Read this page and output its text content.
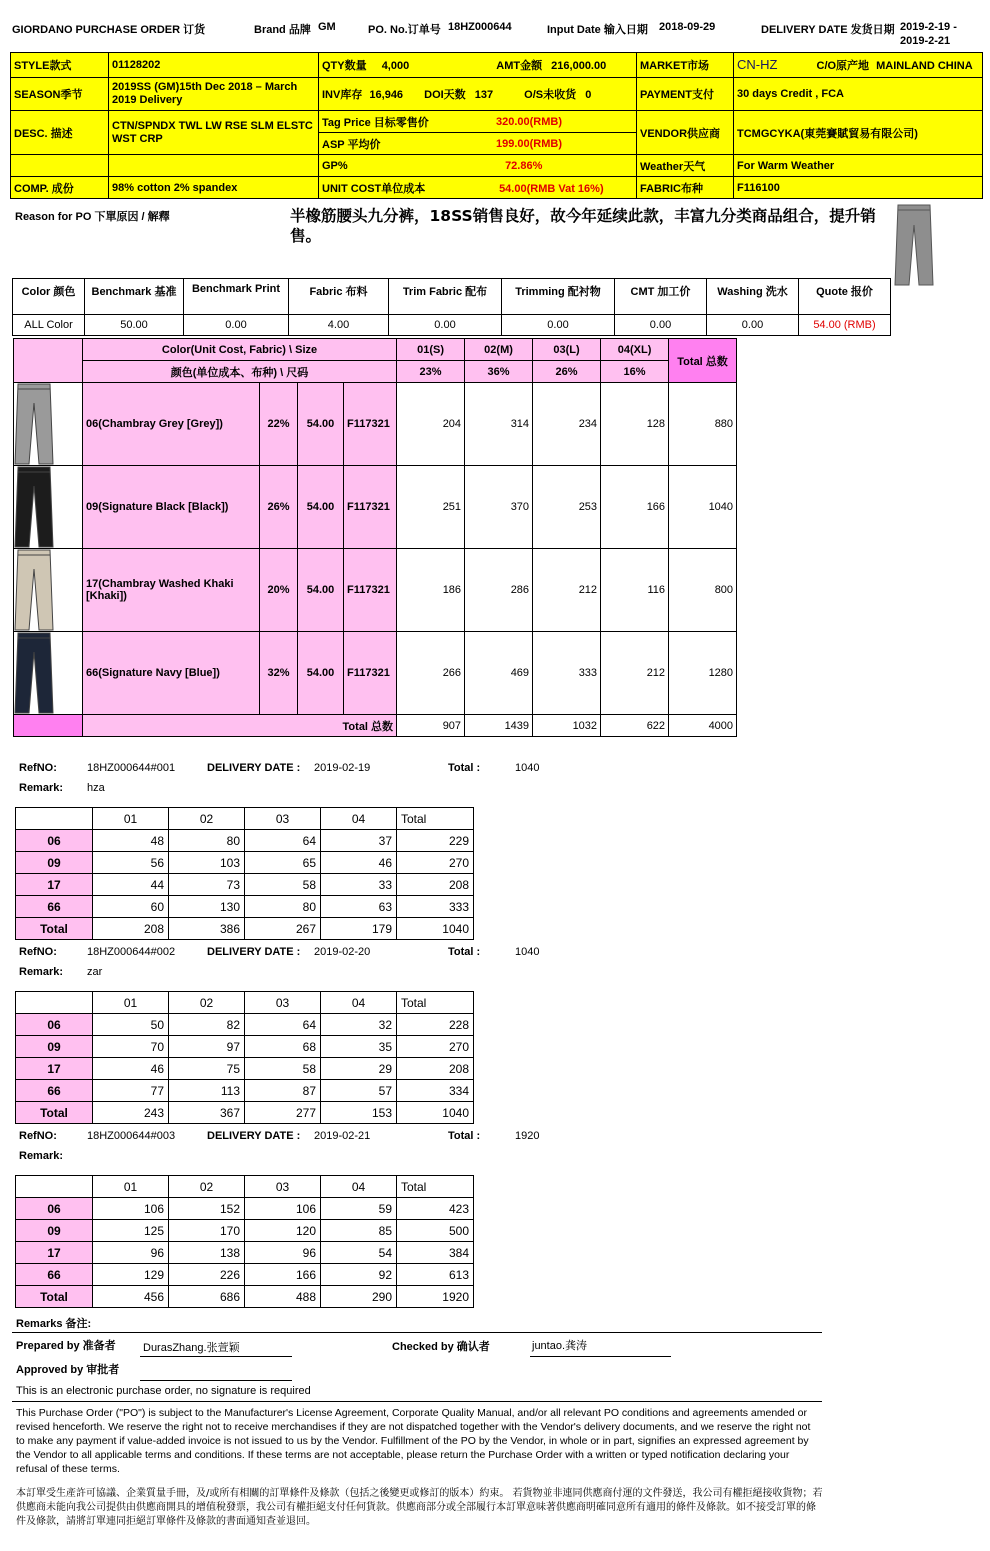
GIORDANO PURCHASE ORDER 订货	Brand 品牌 GM	PO. No.订单号 18HZ000644	Input Date 输入日期 2018-09-29	DELIVERY DATE 发货日期 2019-2-19 -
2019-2-21
STYLE款式	01128202	QTY数量 4,000 AMT金额 216,000.00	MARKET市场	CN-HZ C/O原产地 MAINLAND CHINA
SEASON季节	2019SS (GM)15th Dec 2018 – March 2019 Delivery	INV库存 16,946 DOI天数 137 O/S未收货 0	PAYMENT支付	30 days Credit , FCA
DESC. 描述	CTN/SPNDX TWL LW RSE SLM ELSTC WST CRP	Tag Price 目标零售价 320.00(RMB)
ASP 平均价 199.00(RMB)	VENDOR供应商	TCMGCYKA(東莞賽賦貿易有限公司)
		GP% 72.86%	Weather天气	For Warm Weather
COMP. 成份	98% cotton 2% spandex	UNIT COST单位成本 54.00(RMB Vat 16%)	FABRIC布种	F116100
Reason for PO 下單原因 / 解釋	半橡筋腰头九分裤，18SS销售良好，故今年延续此款，丰富九分类商品组合，提升销售。
Color 颜色	Benchmark 基准	Benchmark Print	Fabric 布料	Trim Fabric 配布	Trimming 配衬物	CMT 加工价	Washing 洗水	Quote 报价
ALL Color	50.00	0.00	4.00	0.00	0.00	0.00	0.00	54.00 (RMB)
	Color(Unit Cost, Fabric) \ Size				01(S)	02(M)	03(L)	04(XL)	Total 总数
	颜色(单位成本、布种) \ 尺码				23%	36%	26%	16%	

	06(Chambray Grey [Grey])	22%	54.00	F117321	204	314	234	128	880

	09(Signature Black [Black])	26%	54.00	F117321	251	370	253	166	1040

	17(Chambray Washed Khaki [Khaki])	20%	54.00	F117321	186	286	212	116	800

	66(Signature Navy [Blue])	32%	54.00	F117321	266	469	333	212	1280
	Total 总数				907	1439	1032	622	4000
RefNO:	18HZ000644#001	DELIVERY DATE : 2019-02-19	Total :	1040
Remark: hza
	01	02	03	04	Total
06	48	80	64	37	229
09	56	103	65	46	270
17	44	73	58	33	208
66	60	130	80	63	333
Total	208	386	267	179	1040
RefNO:	18HZ000644#002	DELIVERY DATE : 2019-02-20	Total :	1040
Remark: zar
	01	02	03	04	Total
06	50	82	64	32	228
09	70	97	68	35	270
17	46	75	58	29	208
66	77	113	87	57	334
Total	243	367	277	153	1040
RefNO:	18HZ000644#003	DELIVERY DATE : 2019-02-21	Total :	1920
Remark:
	01	02	03	04	Total
06	106	152	106	59	423
09	125	170	120	85	500
17	96	138	96	54	384
66	129	226	166	92	613
Total	456	686	488	290	1920
Remarks 备注:
Prepared by 准备者 DurasZhang.张萱颖	Checked by 确认者	juntao.龚涛
Approved by 审批者
This is an electronic purchase order, no signature is required
This Purchase Order ("PO") is subject to the Manufacturer's License Agreement, Corporate Quality Manual, and/or all relevant PO conditions and agreements amended or revised henceforth. We reserve the right not to receive merchandises if they are not dispatched together with the Vendor's delivery documents, and we reserve the right not to make any payment if value-added invoice is not issued to us by the Vendor. Fulfillment of the PO by the Vendor, in whole or in part, signifies an expressed agreement by the Vendor to all applicable terms and conditions. If these terms are not acceptable, please return the Purchase Order with a written or typed notification declaring your refusal of these terms.
本訂單受生產許可協議、企業質量手冊，及/或所有相關的訂單條件及條款（包括之後變更或修訂的版本）約束。 若貨物並非連同供應商付運的文件發送，我公司有權拒絕接收貨物；若供應商未能向我公司提供由供應商開具的增值稅發票，我公司有權拒絕支付任何貨款。供應商部分或全部履行本訂單意味著供應商明確同意所有適用的條件及條款。如不接受訂單的條件及條款，請將訂單連同拒絕訂單條件及條款的書面通知查並退回。
